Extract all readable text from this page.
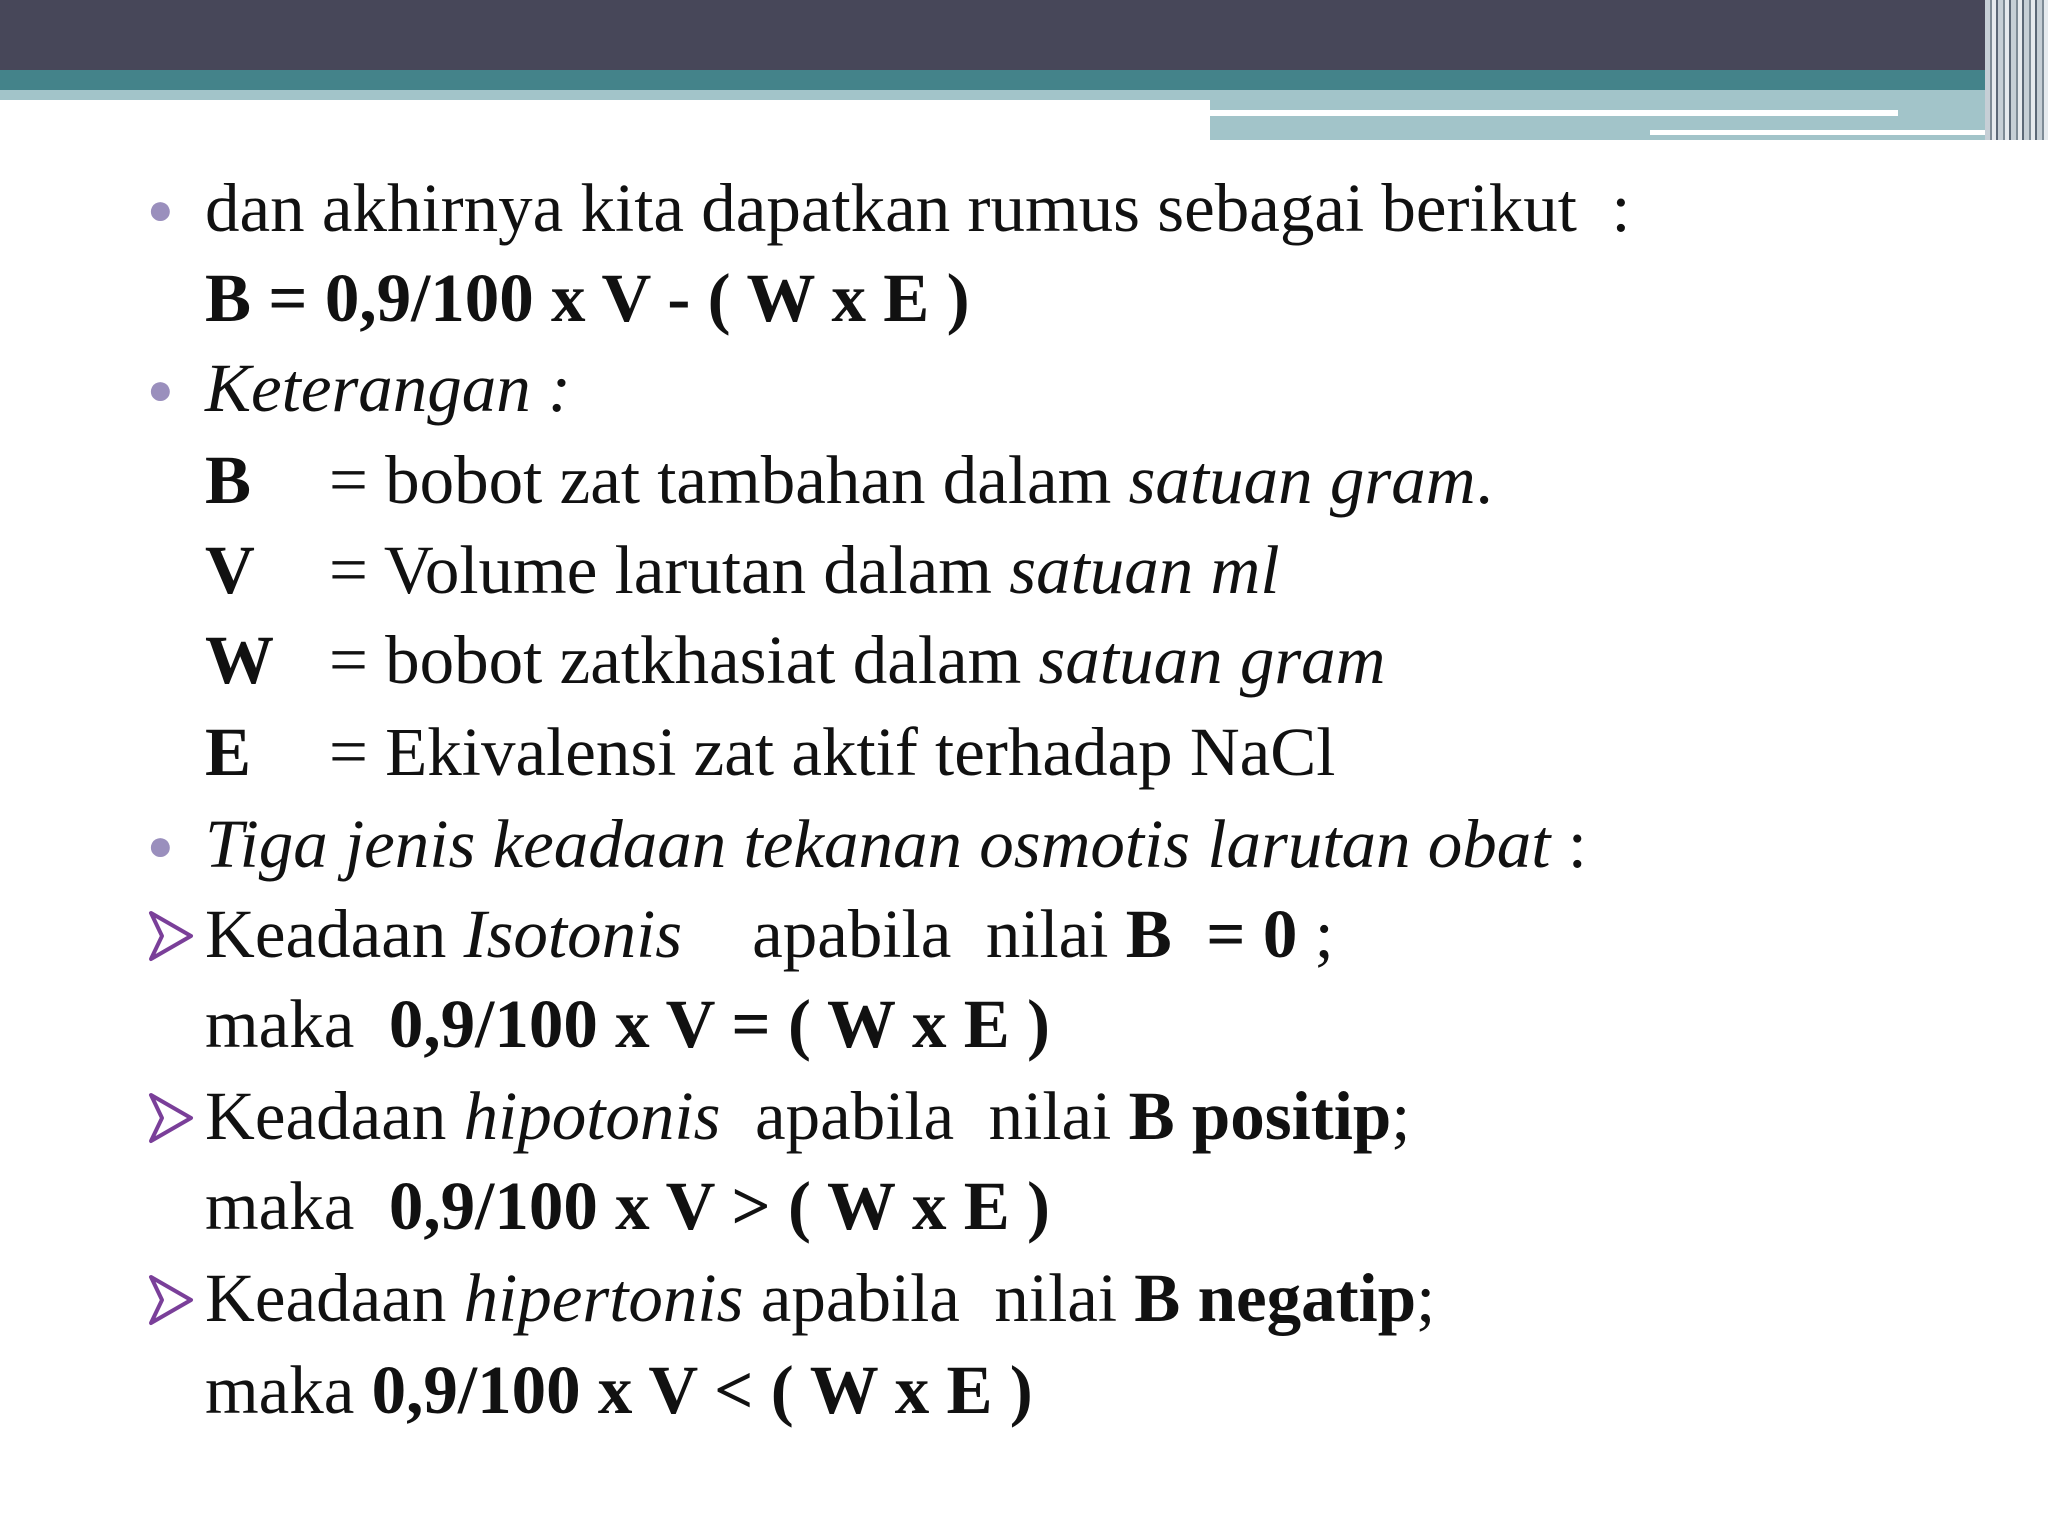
● dan akhirnya kita dapatkan rumus sebagai berikut  :
B = 0,9/100 x V - ( W x E )
● Keterangan :
B = bobot zat tambahan dalam satuan gram.
V = Volume larutan dalam satuan ml
W = bobot zatkhasiat dalam satuan gram
E = Ekivalensi zat aktif terhadap NaCl
● Tiga jenis keadaan tekanan osmotis larutan obat :
Keadaan Isotonis apabila  nilai B  = 0 ;
maka  0,9/100 x V = ( W x E )
Keadaan hipotonis  apabila  nilai B positip;
maka  0,9/100 x V > ( W x E )
Keadaan hipertonis apabila  nilai B negatip;
maka 0,9/100 x V < ( W x E )
